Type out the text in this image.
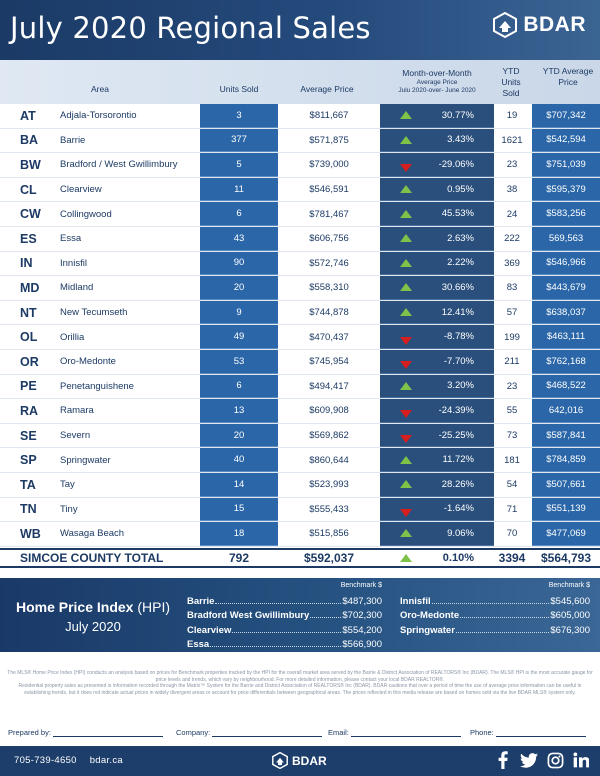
July 2020 Regional Sales	BDAR
Area	Units Sold	Average Price
Month-over-Month
Average Price
Julu 2020-over- June 2020
YTD Units Sold
YTD Average Price
AT	Adjala-Torsorontio	3	$811,667	30.77%	19	$707,342
BA	Barrie	377	$571,875	3.43%	1621	$542,594
BW	Bradford / West Gwillimbury	5	$739,000	-29.06%	23	$751,039
CL	Clearview	11	$546,591	0.95%	38	$595,379
CW	Collingwood	6	$781,467	45.53%	24	$583,256
ES	Essa	43	$606,756	2.63%	222	569,563
IN	Innisfil	90	$572,746	2.22%	369	$546,966
MD	Midland	20	$558,310	30.66%	83	$443,679
NT	New Tecumseth	9	$744,878	12.41%	57	$638,037
OL	Orillia	49	$470,437	-8.78%	199	$463,111
OR	Oro-Medonte	53	$745,954	-7.70%	211	$762,168
PE	Penetanguishene	6	$494,417	3.20%	23	$468,522
RA	Ramara	13	$609,908	-24.39%	55	642,016
SE	Severn	20	$569,862	-25.25%	73	$587,841
SP	Springwater	40	$860,644	11.72%	181	$784,859
TA	Tay	14	$523,993	28.26%	54	$507,661
TN	Tiny	15	$555,433	-1.64%	71	$551,139
WB	Wasaga Beach	18	$515,856	9.06%	70	$477,069
SIMCOE COUNTY TOTAL	792	$592,037	0.10%	3394	$564,793
Home Price Index (HPI)
July 2020
Benchmark $	Benchmark $
Barrie	$487,300
Bradford West Gwillimbury	$702,300
Clearview	$554,200
Essa	$566,900
Innisfil	$545,600
Oro-Medonte	$605,000
Springwater	$676,300

The MLS® Home Price Index (HPI) conducts an analysis based on prices for Benchmark properties tracked by the HPI for the overall market area served by the Barrie & District Association of REALTORS® Inc (BDAR). The MLS® HPI is the most accurate gauge for price levels and trends, which vary by neighbourhood. For more detailed information, please contact your local BDAR REALTOR®.

Residential property sales as presented is information recorded through the Matrix™ System for the Barrie and District Association of REALTORS® Inc (BDAR). BDAR cautions that over a period of time the use of average price information can be useful in establishing trends, but it does not indicate actual prices in widely divergent areas or account for price differentials between geographical areas. The prices reflected in this media release are based on homes sold via the live BDAR MLS® system only.

Prepared by:	Company:	Email:	Phone:
705-739-4650 bdar.ca	BDAR
